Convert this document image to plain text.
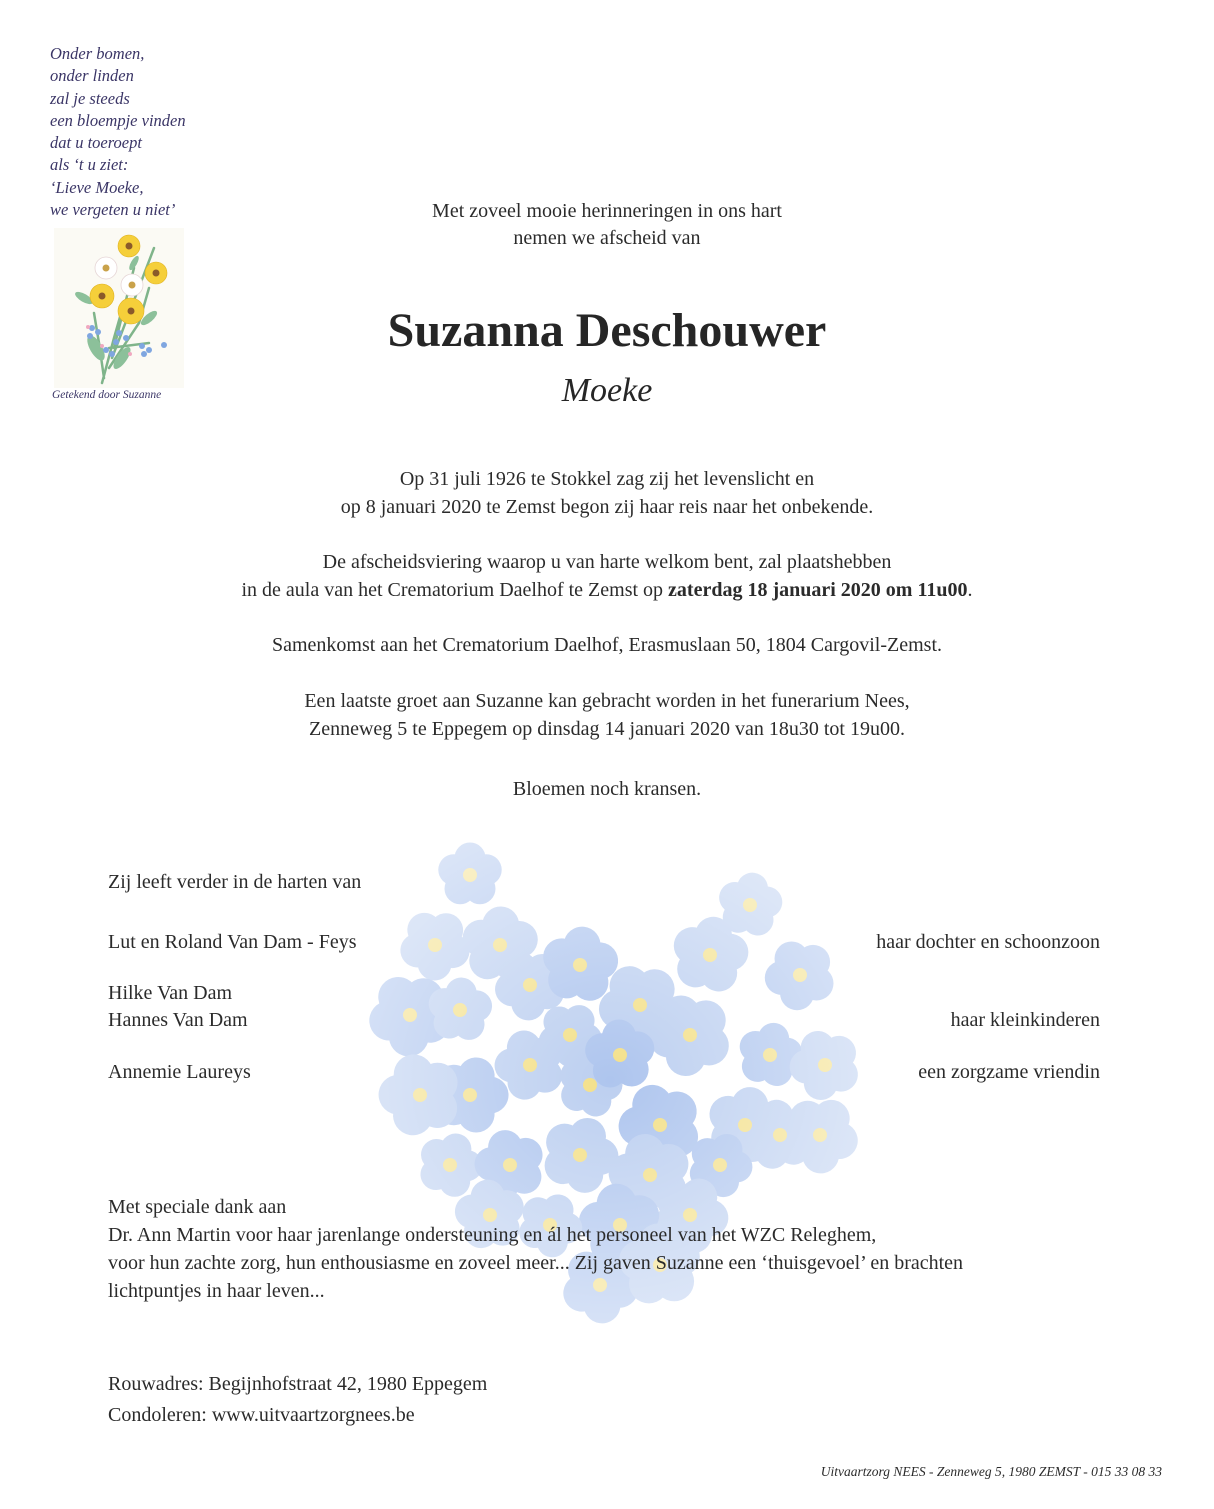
Onder bomen,
onder linden
zal je steeds
een bloempje vinden
dat u toeroept
als ‘t u ziet:
‘Lieve Moeke,
we vergeten u niet’
Getekend door Suzanne
Met zoveel mooie herinneringen in ons hart
nemen we afscheid van
Suzanna Deschouwer
Moeke
Op 31 juli 1926 te Stokkel zag zij het levenslicht en
op 8 januari 2020 te Zemst begon zij haar reis naar het onbekende.
De afscheidsviering waarop u van harte welkom bent, zal plaatshebben
in de aula van het Crematorium Daelhof te Zemst op zaterdag 18 januari 2020 om 11u00.
Samenkomst aan het Crematorium Daelhof, Erasmuslaan 50, 1804 Cargovil-Zemst.
Een laatste groet aan Suzanne kan gebracht worden in het funerarium Nees,
Zenneweg 5 te Eppegem op dinsdag 14 januari 2020 van 18u30 tot 19u00.
Bloemen noch kransen.
Zij leeft verder in de harten van
Lut en Roland Van Dam - Feys	haar dochter en schoonzoon
Hilke Van Dam
Hannes Van Dam	haar kleinkinderen
Annemie Laureys	een zorgzame vriendin
Met speciale dank aan
Dr. Ann Martin voor haar jarenlange ondersteuning en ál het personeel van het WZC Releghem,
voor hun zachte zorg, hun enthousiasme en zoveel meer... Zij gaven Suzanne een ‘thuisgevoel’ en brachten
lichtpuntjes in haar leven...
Rouwadres: Begijnhofstraat 42, 1980 Eppegem
Condoleren: www.uitvaartzorgnees.be
Uitvaartzorg NEES - Zenneweg 5, 1980 ZEMST - 015 33 08 33
